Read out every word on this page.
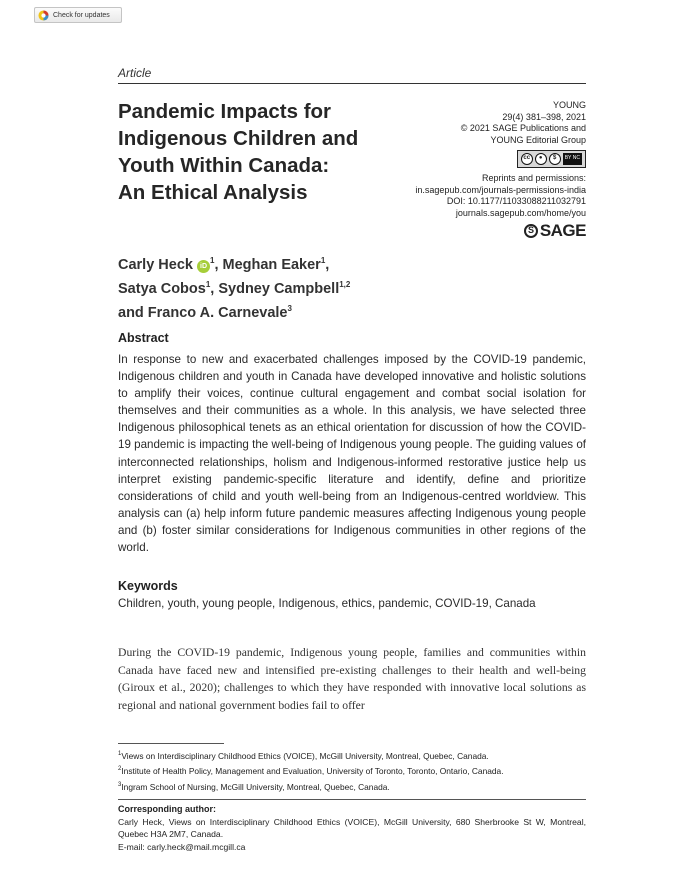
Check for updates
Article
Pandemic Impacts for
Indigenous Children and
Youth Within Canada:
An Ethical Analysis
YOUNG
29(4) 381–398, 2021
© 2021 SAGE Publications and
YOUNG Editorial Group
cc	●	$	BY
NC
Reprints and permissions:
in.sagepub.com/journals-permissions-india
DOI: 10.1177/11033088211032791
journals.sagepub.com/home/you
S SAGE
Carly Heck $iD^1$, Meghan Eaker$^1$,
Satya Cobos$^1$, Sydney Campbell$^{1,2}$
and Franco A. Carnevale$^3$
Abstract

In response to new and exacerbated challenges imposed by the COVID-19 pandemic, Indigenous children and youth in Canada have developed innovative and holistic solutions to amplify their voices, continue cultural engagement and combat social isolation for themselves and their communities as a whole. In this analysis, we have selected three Indigenous philosophical tenets as an ethical orientation for discussion of how the COVID-19 pandemic is impacting the well-being of Indigenous young people. The guiding values of interconnected relationships, holism and Indigenous-informed restorative justice help us interpret existing pandemic-specific literature and identify, define and prioritize considerations of child and youth well-being from an Indigenous-centred worldview. This analysis can (a) help inform future pandemic measures affecting Indigenous young people and (b) foster similar considerations for Indigenous communities in other regions of the world.

Keywords

Children, youth, young people, Indigenous, ethics, pandemic, COVID-19, Canada

During the COVID-19 pandemic, Indigenous young people, families and communities within Canada have faced new and intensified pre-existing challenges to their health and well-being (Giroux et al., 2020); challenges to which they have responded with innovative local solutions as regional and national government bodies fail to offer

$^1$Views on Interdisciplinary Childhood Ethics (VOICE), McGill University, Montreal, Quebec, Canada.
$^2$Institute of Health Policy, Management and Evaluation, University of Toronto, Toronto, Ontario, Canada.
$^3$Ingram School of Nursing, McGill University, Montreal, Quebec, Canada.
Corresponding author:
Carly Heck, Views on Interdisciplinary Childhood Ethics (VOICE), McGill University, 680 Sherbrooke St W, Montreal, Quebec H3A 2M7, Canada.
E-mail: carly.heck@mail.mcgill.ca
